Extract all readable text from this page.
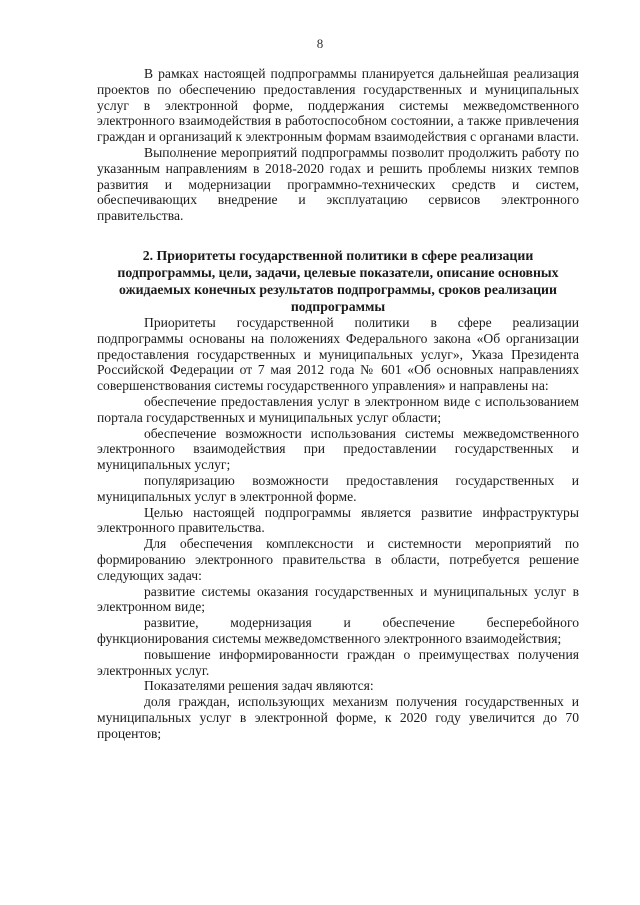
8

В рамках настоящей подпрограммы планируется дальнейшая реализация проектов по обеспечению предоставления государственных и муниципальных услуг в электронной форме, поддержания системы межведомственного электронного взаимодействия в работоспособном состоянии, а также привлечения граждан и организаций к электронным формам взаимодействия с органами власти.

Выполнение мероприятий подпрограммы позволит продолжить работу по указанным направлениям в 2018-2020 годах и решить проблемы низких темпов развития и модернизации программно-технических средств и систем, обеспечивающих внедрение и эксплуатацию сервисов электронного правительства.

2. Приоритеты государственной политики в сфере реализации подпрограммы, цели, задачи, целевые показатели, описание основных ожидаемых конечных результатов подпрограммы, сроков реализации подпрограммы

Приоритеты государственной политики в сфере реализации подпрограммы основаны на положениях Федерального закона «Об организации предоставления государственных и муниципальных услуг», Указа Президента Российской Федерации от 7 мая 2012 года № 601 «Об основных направлениях совершенствования системы государственного управления» и направлены на:

обеспечение предоставления услуг в электронном виде с использованием портала государственных и муниципальных услуг области;

обеспечение возможности использования системы межведомственного электронного взаимодействия при предоставлении государственных и муниципальных услуг;

популяризацию возможности предоставления государственных и муниципальных услуг в электронной форме.

Целью настоящей подпрограммы является развитие инфраструктуры электронного правительства.

Для обеспечения комплексности и системности мероприятий по формированию электронного правительства в области, потребуется решение следующих задач:

развитие системы оказания государственных и муниципальных услуг в электронном виде;

развитие, модернизация и обеспечение бесперебойного функционирования системы межведомственного электронного взаимодействия;

повышение информированности граждан о преимуществах получения электронных услуг.

Показателями решения задач являются:

доля граждан, использующих механизм получения государственных и муниципальных услуг в электронной форме, к 2020 году увеличится до 70 процентов;
